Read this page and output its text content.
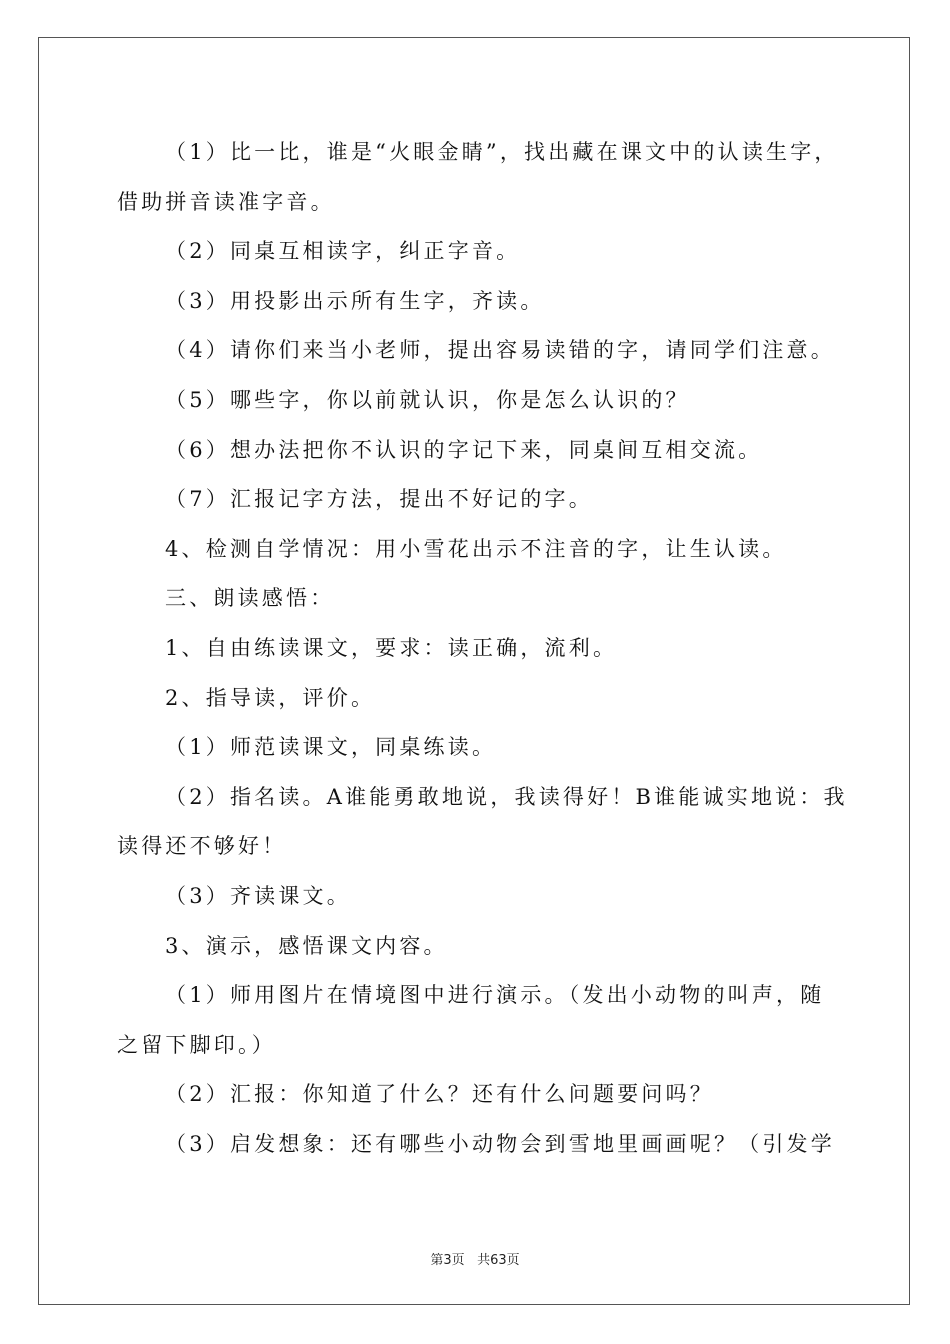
（1）比一比，谁是“火眼金睛”，找出藏在课文中的认读生字，
借助拼音读准字音。
（2）同桌互相读字，纠正字音。
（3）用投影出示所有生字，齐读。
（4）请你们来当小老师，提出容易读错的字，请同学们注意。
（5）哪些字，你以前就认识，你是怎么认识的？
（6）想办法把你不认识的字记下来，同桌间互相交流。
（7）汇报记字方法，提出不好记的字。
4、检测自学情况：用小雪花出示不注音的字，让生认读。
三、朗读感悟：
1、自由练读课文，要求：读正确，流利。
2、指导读，评价。
（1）师范读课文，同桌练读。
（2）指名读。A谁能勇敢地说，我读得好！B谁能诚实地说：我
读得还不够好！
（3）齐读课文。
3、演示，感悟课文内容。
（1）师用图片在情境图中进行演示。（发出小动物的叫声，随
之留下脚印。）
（2）汇报：你知道了什么？还有什么问题要问吗？
（3）启发想象：还有哪些小动物会到雪地里画画呢？（引发学
第3页 共63页
